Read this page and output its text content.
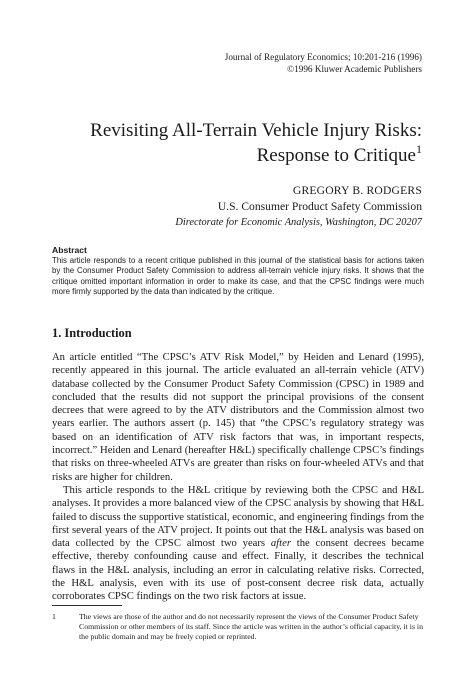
Journal of Regulatory Economics; 10:201-216 (1996)
©1996 Kluwer Academic Publishers
Revisiting All-Terrain Vehicle Injury Risks:
Response to Critique$^1$
GREGORY B. RODGERS
U.S. Consumer Product Safety Commission
Directorate for Economic Analysis, Washington, DC 20207
Abstract

This article responds to a recent critique published in this journal of the statistical basis for actions taken by the Consumer Product Safety Commission to address all-terrain vehicle injury risks. It shows that the critique omitted important information in order to make its case, and that the CPSC findings were much more firmly supported by the data than indicated by the critique.

1. Introduction

An article entitled “The CPSC’s ATV Risk Model,” by Heiden and Lenard (1995), recently appeared in this journal. The article evaluated an all-terrain vehicle (ATV) database collected by the Consumer Product Safety Commission (CPSC) in 1989 and concluded that the results did not support the principal provisions of the consent decrees that were agreed to by the ATV distributors and the Commission almost two years earlier. The authors assert (p. 145) that “the CPSC’s regulatory strategy was based on an identification of ATV risk factors that was, in important respects, incorrect.” Heiden and Lenard (hereafter H&L) specifically challenge CPSC’s findings that risks on three-wheeled ATVs are greater than risks on four-wheeled ATVs and that risks are higher for children.

This article responds to the H&L critique by reviewing both the CPSC and H&L analyses. It provides a more balanced view of the CPSC analysis by showing that H&L failed to discuss the supportive statistical, economic, and engineering findings from the first several years of the ATV project. It points out that the H&L analysis was based on data collected by the CPSC almost two years after the consent decrees became effective, thereby confounding cause and effect. Finally, it describes the technical flaws in the H&L analysis, including an error in calculating relative risks. Corrected, the H&L analysis, even with its use of post-consent decree risk data, actually corroborates CPSC findings on the two risk factors at issue.

1	The views are those of the author and do not necessarily represent the views of the Consumer Product Safety Commission or other members of its staff. Since the article was written in the author’s official capacity, it is in the public domain and may be freely copied or reprinted.
